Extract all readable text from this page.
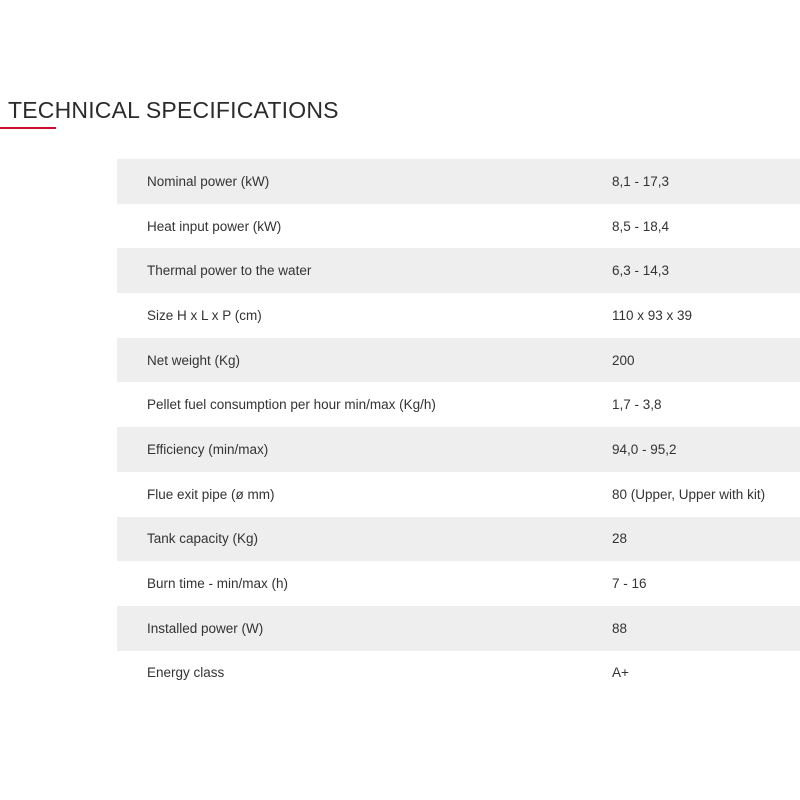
TECHNICAL SPECIFICATIONS
Nominal power (kW)	8,1 - 17,3
Heat input power (kW)	8,5 - 18,4
Thermal power to the water	6,3 - 14,3
Size H x L x P (cm)	110 x 93 x 39
Net weight (Kg)	200
Pellet fuel consumption per hour min/max (Kg/h)	1,7 - 3,8
Efficiency (min/max)	94,0 - 95,2
Flue exit pipe (ø mm)	80 (Upper, Upper with kit)
Tank capacity (Kg)	28
Burn time - min/max (h)	7 - 16
Installed power (W)	88
Energy class	A+
